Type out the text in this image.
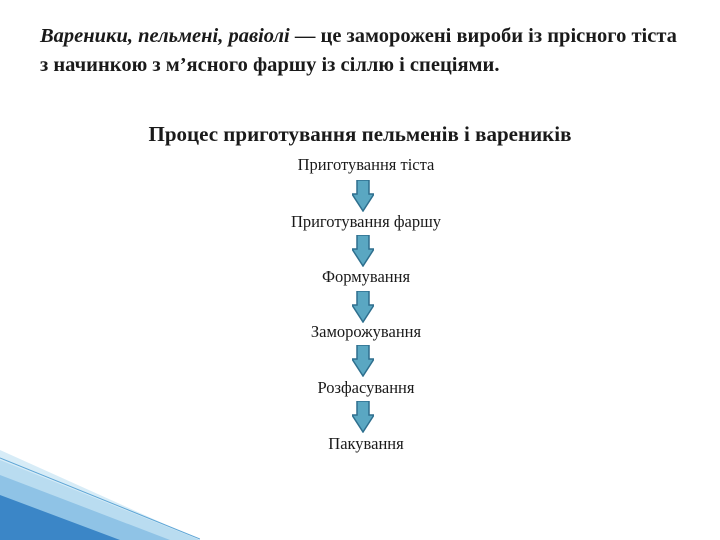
Вареники, пельмені, равіолі — це заморожені вироби із прісного тіста з начинкою з м’ясного фаршу із сіллю і спеціями.

Процес приготування пельменів і вареників

Приготування тіста
Приготування фаршу
Формування
Заморожування
Розфасування
Пакування
